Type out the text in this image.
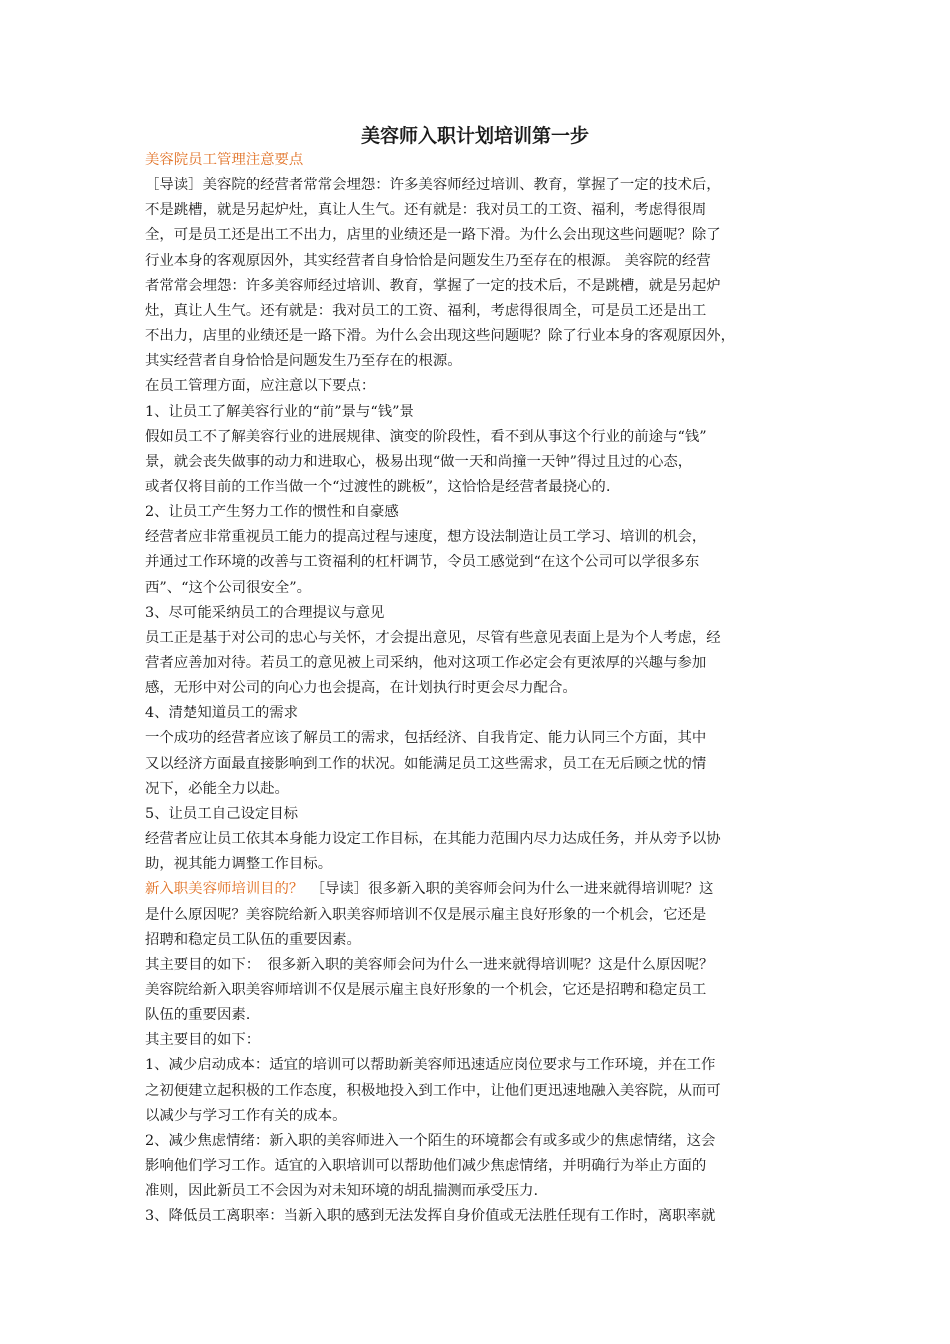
美容师入职计划培训第一步
美容院员工管理注意要点
［导读］美容院的经营者常常会埋怨：许多美容师经过培训、教育，掌握了一定的技术后，
不是跳槽，就是另起炉灶，真让人生气。还有就是：我对员工的工资、福利，考虑得很周
全，可是员工还是出工不出力，店里的业绩还是一路下滑。为什么会出现这些问题呢？除了
行业本身的客观原因外，其实经营者自身恰恰是问题发生乃至存在的根源。 美容院的经营
者常常会埋怨：许多美容师经过培训、教育，掌握了一定的技术后，不是跳槽，就是另起炉
灶，真让人生气。还有就是：我对员工的工资、福利，考虑得很周全，可是员工还是出工
不出力，店里的业绩还是一路下滑。为什么会出现这些问题呢？除了行业本身的客观原因外，
其实经营者自身恰恰是问题发生乃至存在的根源。
在员工管理方面，应注意以下要点：
1、让员工了解美容行业的“前”景与“钱”景
假如员工不了解美容行业的进展规律、演变的阶段性，看不到从事这个行业的前途与“钱”
景，就会丧失做事的动力和进取心，极易出现“做一天和尚撞一天钟”得过且过的心态，
或者仅将目前的工作当做一个“过渡性的跳板”，这恰恰是经营者最挠心的.
2、让员工产生努力工作的惯性和自豪感
经营者应非常重视员工能力的提高过程与速度，想方设法制造让员工学习、培训的机会，
并通过工作环境的改善与工资福利的杠杆调节，令员工感觉到“在这个公司可以学很多东
西”、“这个公司很安全”。
3、尽可能采纳员工的合理提议与意见
员工正是基于对公司的忠心与关怀，才会提出意见，尽管有些意见表面上是为个人考虑，经
营者应善加对待。若员工的意见被上司采纳，他对这项工作必定会有更浓厚的兴趣与参加
感，无形中对公司的向心力也会提高，在计划执行时更会尽力配合。
4、清楚知道员工的需求
一个成功的经营者应该了解员工的需求，包括经济、自我肯定、能力认同三个方面，其中
又以经济方面最直接影响到工作的状况。如能满足员工这些需求，员工在无后顾之忧的情
况下，必能全力以赴。
5、让员工自己设定目标
经营者应让员工依其本身能力设定工作目标，在其能力范围内尽力达成任务，并从旁予以协
助，视其能力调整工作目标。
新入职美容师培训目的？　［导读］很多新入职的美容师会问为什么一进来就得培训呢？这
是什么原因呢？美容院给新入职美容师培训不仅是展示雇主良好形象的一个机会，它还是
招聘和稳定员工队伍的重要因素。
其主要目的如下：　很多新入职的美容师会问为什么一进来就得培训呢？这是什么原因呢？
美容院给新入职美容师培训不仅是展示雇主良好形象的一个机会，它还是招聘和稳定员工
队伍的重要因素.
其主要目的如下：
1、减少启动成本：适宜的培训可以帮助新美容师迅速适应岗位要求与工作环境，并在工作
之初便建立起积极的工作态度，积极地投入到工作中，让他们更迅速地融入美容院，从而可
以减少与学习工作有关的成本。
2、减少焦虑情绪：新入职的美容师进入一个陌生的环境都会有或多或少的焦虑情绪，这会
影响他们学习工作。适宜的入职培训可以帮助他们减少焦虑情绪，并明确行为举止方面的
准则，因此新员工不会因为对未知环境的胡乱揣测而承受压力.
3、降低员工离职率：当新入职的感到无法发挥自身价值或无法胜任现有工作时，离职率就
